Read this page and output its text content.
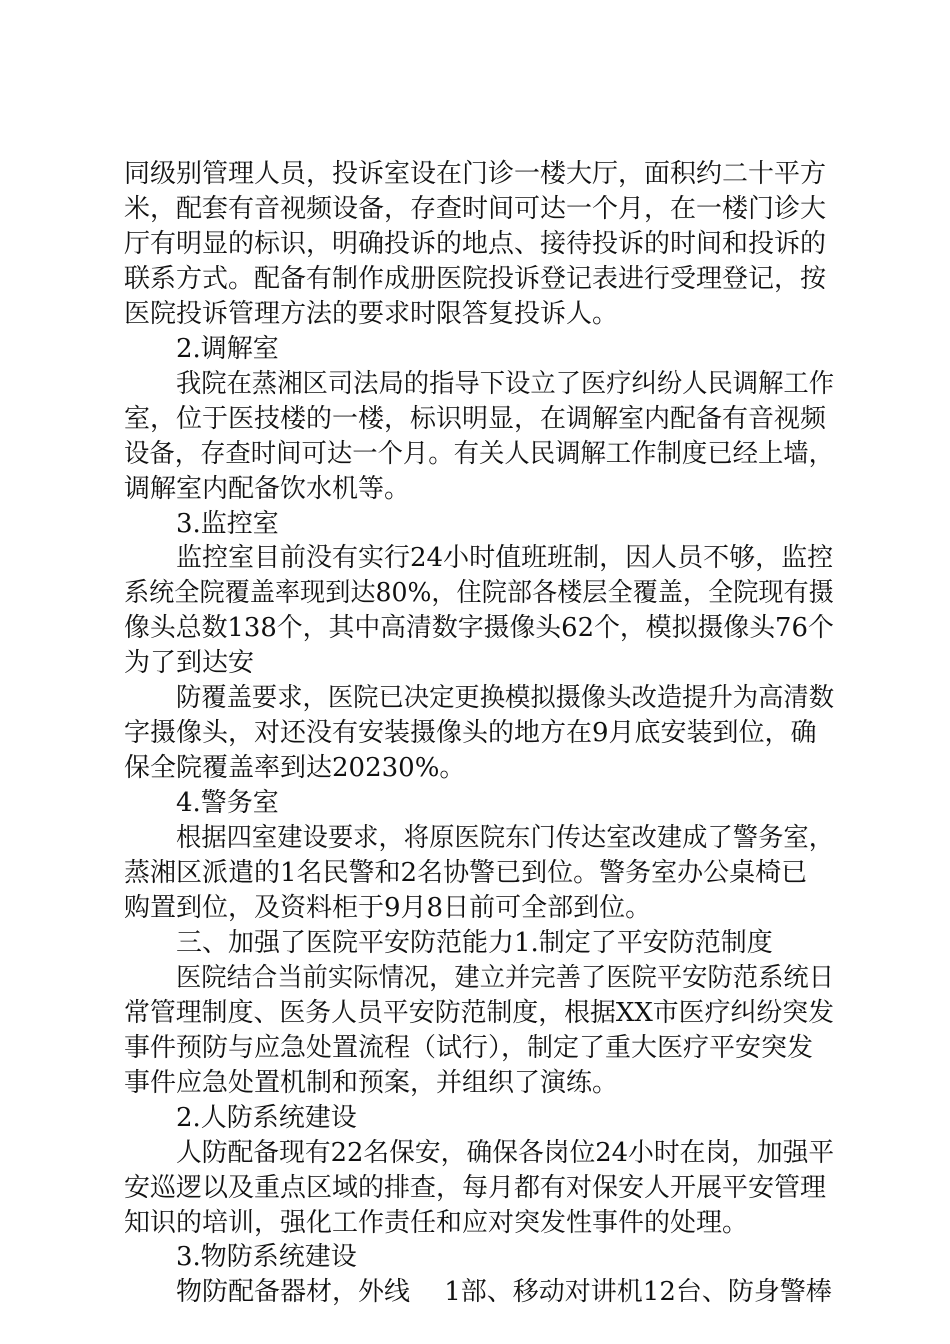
同级别管理人员，投诉室设在门诊一楼大厅，面积约二十平方
米，配套有音视频设备，存查时间可达一个月，在一楼门诊大
厅有明显的标识，明确投诉的地点、接待投诉的时间和投诉的
联系方式。配备有制作成册医院投诉登记表进行受理登记，按
医院投诉管理方法的要求时限答复投诉人。
2.调解室
我院在蒸湘区司法局的指导下设立了医疗纠纷人民调解工作
室，位于医技楼的一楼，标识明显，在调解室内配备有音视频
设备，存查时间可达一个月。有关人民调解工作制度已经上墙，
调解室内配备饮水机等。
3.监控室
监控室目前没有实行24小时值班班制，因人员不够，监控
系统全院覆盖率现到达80%，住院部各楼层全覆盖，全院现有摄
像头总数138个，其中高清数字摄像头62个，模拟摄像头76个
为了到达安
防覆盖要求，医院已决定更换模拟摄像头改造提升为高清数
字摄像头，对还没有安装摄像头的地方在9月底安装到位，确
保全院覆盖率到达20230%。
4.警务室
根据四室建设要求，将原医院东门传达室改建成了警务室，
蒸湘区派遣的1名民警和2名协警已到位。警务室办公桌椅已
购置到位，及资料柜于9月8日前可全部到位。
三、加强了医院平安防范能力1.制定了平安防范制度
医院结合当前实际情况，建立并完善了医院平安防范系统日
常管理制度、医务人员平安防范制度，根据XX市医疗纠纷突发
事件预防与应急处置流程（试行），制定了重大医疗平安突发
事件应急处置机制和预案，并组织了演练。
2.人防系统建设
人防配备现有22名保安，确保各岗位24小时在岗，加强平
安巡逻以及重点区域的排查，每月都有对保安人开展平安管理
知识的培训，强化工作责任和应对突发性事件的处理。
3.物防系统建设
物防配备器材，外线　 1部、移动对讲机12台、防身警棒
